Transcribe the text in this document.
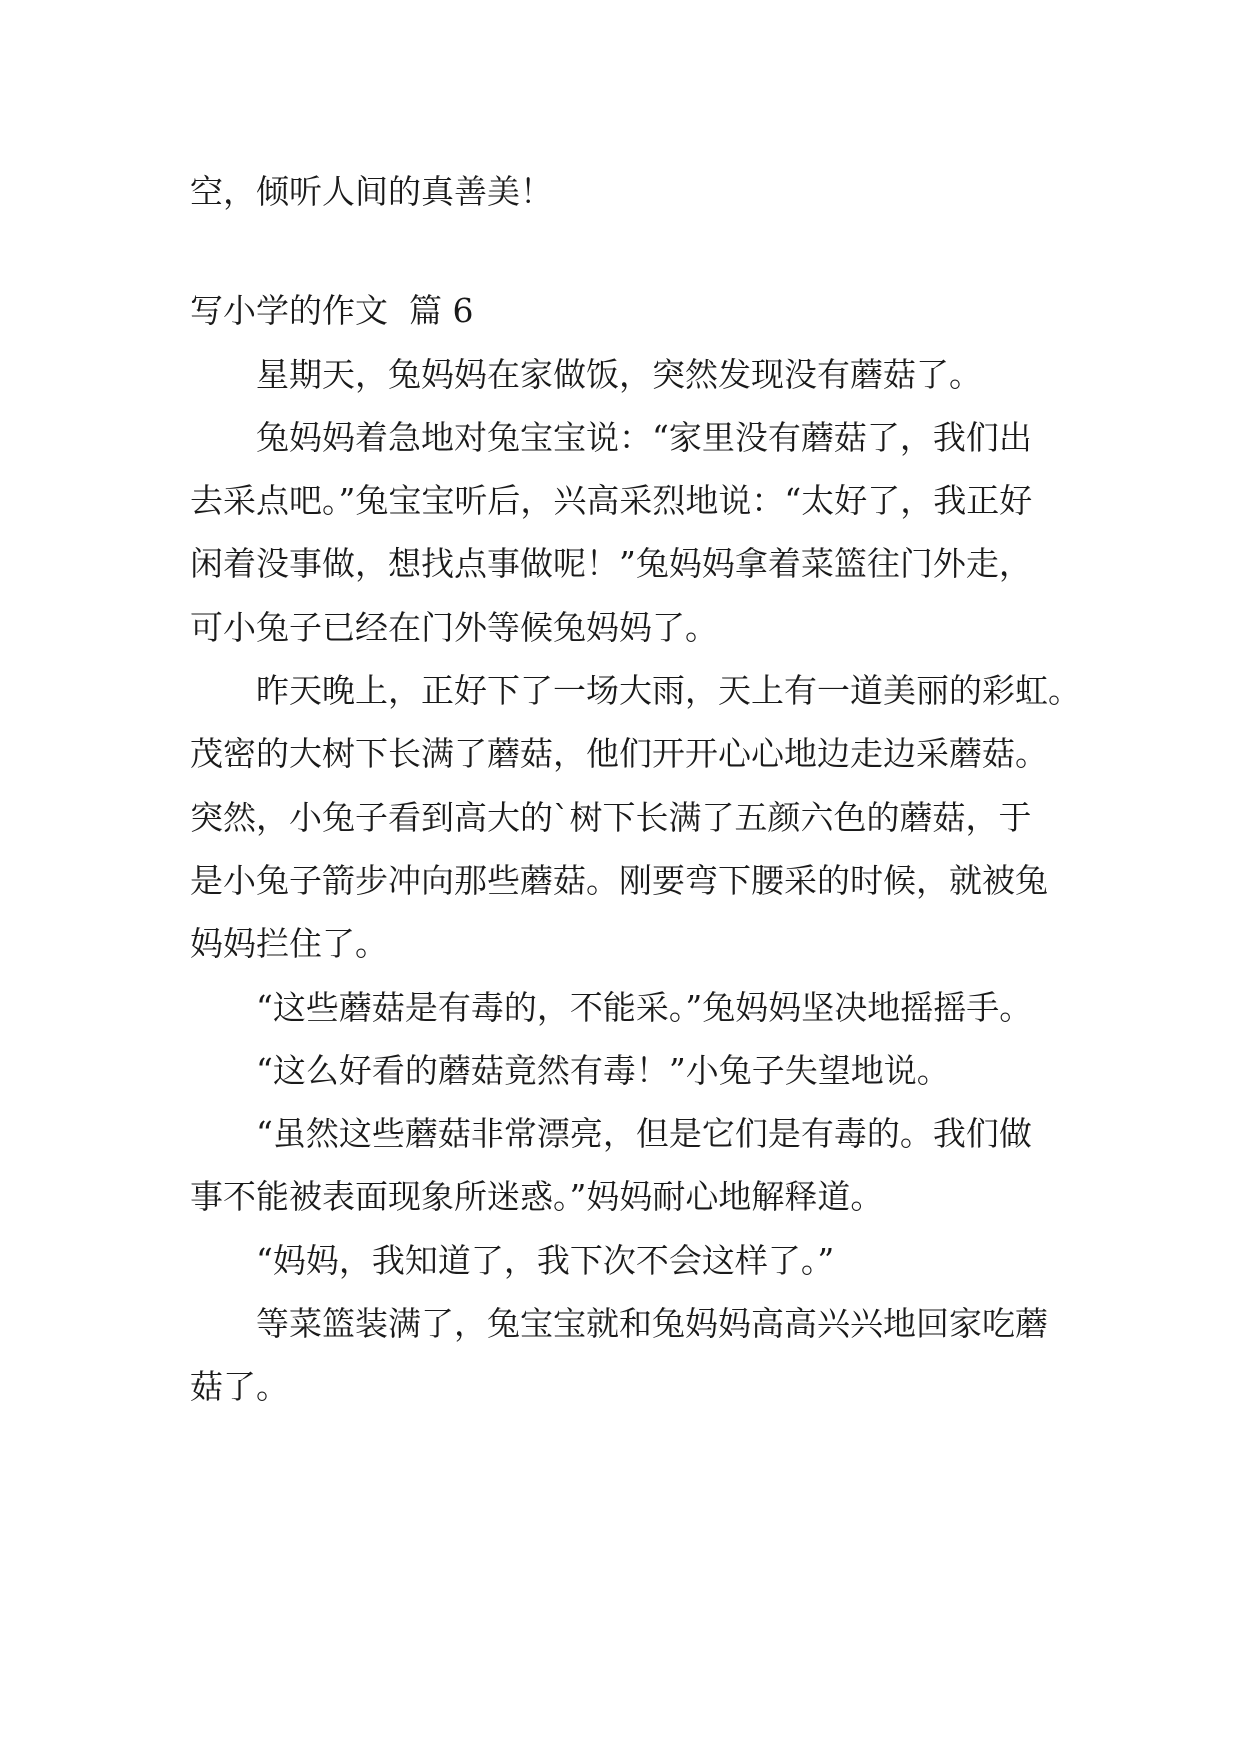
空，倾听人间的真善美！

写小学的作文  篇 6

星期天，兔妈妈在家做饭，突然发现没有蘑菇了。

兔妈妈着急地对兔宝宝说：“家里没有蘑菇了，我们出

去采点吧。”兔宝宝听后，兴高采烈地说：“太好了，我正好

闲着没事做，想找点事做呢！”兔妈妈拿着菜篮往门外走，

可小兔子已经在门外等候兔妈妈了。

昨天晚上，正好下了一场大雨，天上有一道美丽的彩虹。

茂密的大树下长满了蘑菇，他们开开心心地边走边采蘑菇。

突然，小兔子看到高大的`树下长满了五颜六色的蘑菇，于

是小兔子箭步冲向那些蘑菇。刚要弯下腰采的时候，就被兔

妈妈拦住了。

“这些蘑菇是有毒的，不能采。”兔妈妈坚决地摇摇手。

“这么好看的蘑菇竟然有毒！”小兔子失望地说。

“虽然这些蘑菇非常漂亮，但是它们是有毒的。我们做

事不能被表面现象所迷惑。”妈妈耐心地解释道。

“妈妈，我知道了，我下次不会这样了。”

等菜篮装满了，兔宝宝就和兔妈妈高高兴兴地回家吃蘑

菇了。
